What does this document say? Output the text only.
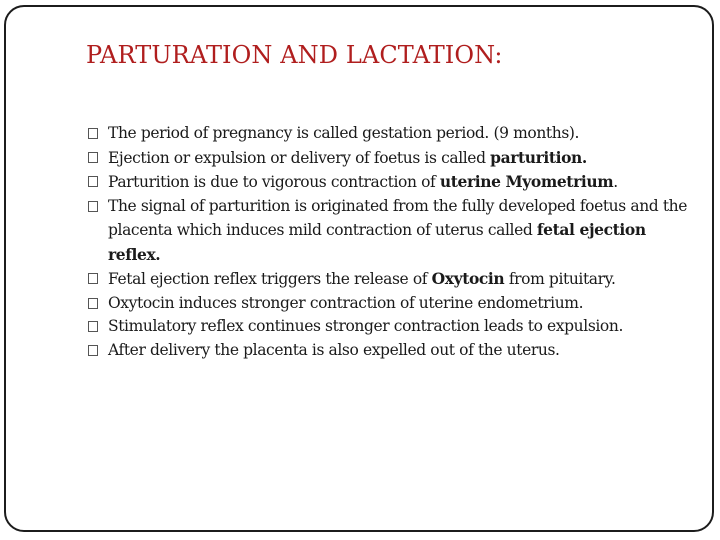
PARTURATION AND LACTATION:
The period of pregnancy is called gestation period. (9 months).
Ejection or expulsion or delivery of foetus is called parturition.
Parturition is due to vigorous contraction of uterine Myometrium.
The signal of parturition is originated from the fully developed foetus and the placenta which induces mild contraction of uterus called fetal ejection reflex.
Fetal ejection reflex triggers the release of Oxytocin from pituitary.
Oxytocin induces stronger contraction of uterine endometrium.
Stimulatory reflex continues stronger contraction leads to expulsion.
After delivery the placenta is also expelled out of the uterus.
